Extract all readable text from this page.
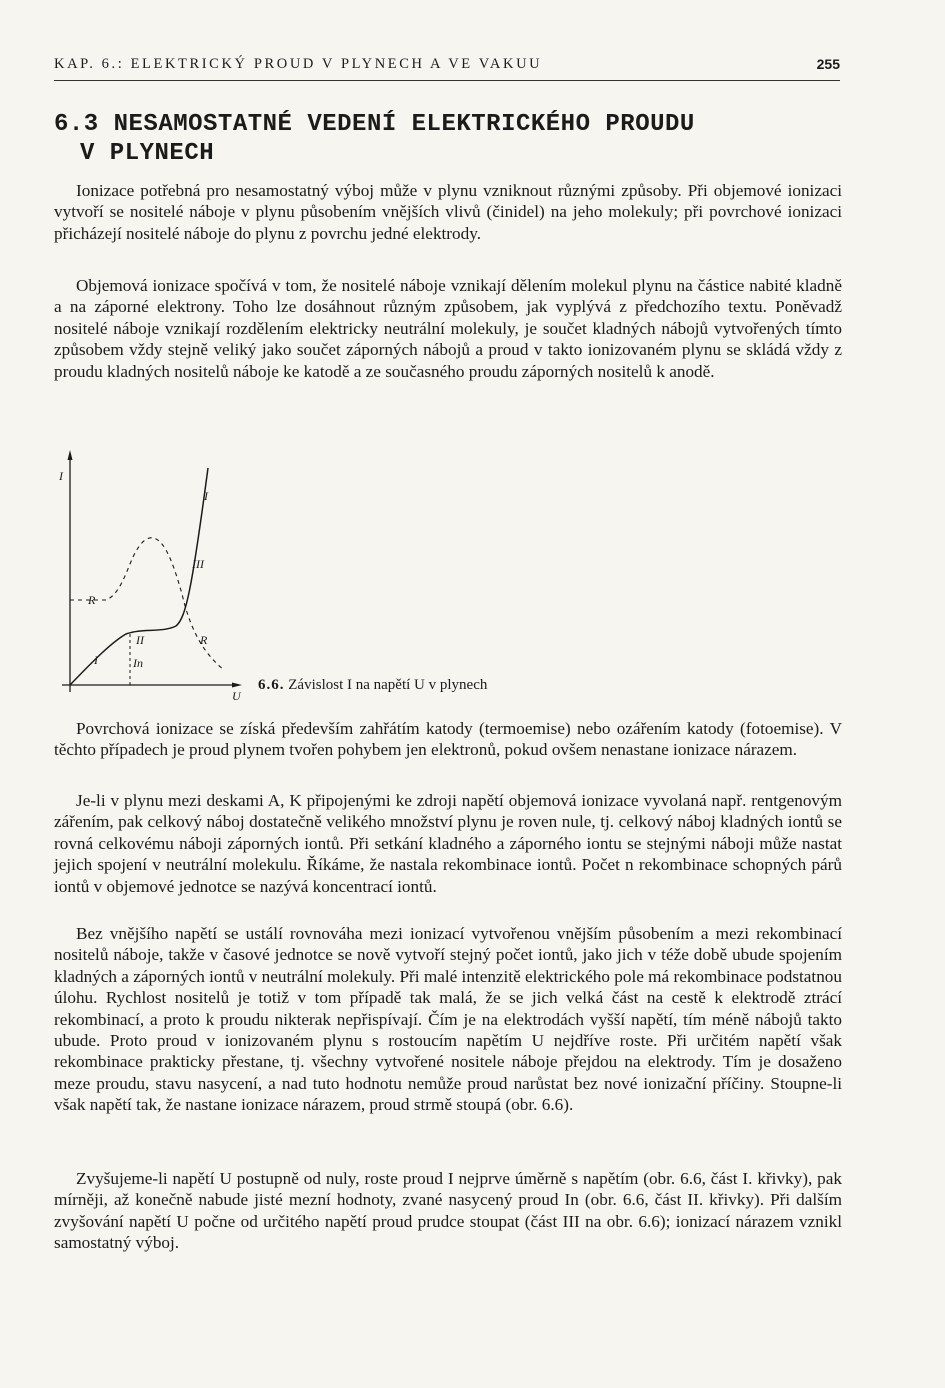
KAP. 6.: ELEKTRICKÝ PROUD V PLYNECH A VE VAKUU	255
6.3 NESAMOSTATNÉ VEDENÍ ELEKTRICKÉHO PROUDU
V PLYNECH

Ionizace potřebná pro nesamostatný výboj může v plynu vzniknout různými způsoby. Při objemové ionizaci vytvoří se nositelé náboje v plynu působením vnějších vlivů (činidel) na jeho molekuly; při povrchové ionizaci přicházejí nositelé náboje do plynu z povrchu jedné elektrody.

Objemová ionizace spočívá v tom, že nositelé náboje vznikají dělením molekul plynu na částice nabité kladně a na záporné elektrony. Toho lze dosáhnout různým způsobem, jak vyplývá z předchozího textu. Poněvadž nositelé náboje vznikají rozdělením elektricky neutrální molekuly, je součet kladných nábojů vytvořených tímto způsobem vždy stejně veliký jako součet záporných nábojů a proud v takto ionizovaném plynu se skládá vždy z proudu kladných nositelů náboje ke katodě a ze současného proudu záporných nositelů k anodě.

I
U
I
I
II
III
R
R
In
6.6. Závislost I na napětí U v plynech

Povrchová ionizace se získá především zahřátím katody (termoemise) nebo ozářením katody (fotoemise). V těchto případech je proud plynem tvořen pohybem jen elektronů, pokud ovšem nenastane ionizace nárazem.

Je-li v plynu mezi deskami A, K připojenými ke zdroji napětí objemová ionizace vyvolaná např. rentgenovým zářením, pak celkový náboj dostatečně velikého množství plynu je roven nule, tj. celkový náboj kladných iontů se rovná celkovému náboji záporných iontů. Při setkání kladného a záporného iontu se stejnými náboji může nastat jejich spojení v neutrální molekulu. Říkáme, že nastala rekombinace iontů. Počet n rekombinace schopných párů iontů v objemové jednotce se nazývá koncentrací iontů.

Bez vnějšího napětí se ustálí rovnováha mezi ionizací vytvořenou vnějším působením a mezi rekombinací nositelů náboje, takže v časové jednotce se nově vytvoří stejný počet iontů, jako jich v téže době ubude spojením kladných a záporných iontů v neutrální molekuly. Při malé intenzitě elektrického pole má rekombinace podstatnou úlohu. Rychlost nositelů je totiž v tom případě tak malá, že se jich velká část na cestě k elektrodě ztrácí rekombinací, a proto k proudu nikterak nepřispívají. Čím je na elektrodách vyšší napětí, tím méně nábojů takto ubude. Proto proud v ionizovaném plynu s rostoucím napětím U nejdříve roste. Při určitém napětí však rekombinace prakticky přestane, tj. všechny vytvořené nositele náboje přejdou na elektrody. Tím je dosaženo meze proudu, stavu nasycení, a nad tuto hodnotu nemůže proud narůstat bez nové ionizační příčiny. Stoupne-li však napětí tak, že nastane ionizace nárazem, proud strmě stoupá (obr. 6.6).

Zvyšujeme-li napětí U postupně od nuly, roste proud I nejprve úměrně s napětím (obr. 6.6, část I. křivky), pak mírněji, až konečně nabude jisté mezní hodnoty, zvané nasycený proud In (obr. 6.6, část II. křivky). Při dalším zvyšování napětí U počne od určitého napětí proud prudce stoupat (část III na obr. 6.6); ionizací nárazem vznikl samostatný výboj.
